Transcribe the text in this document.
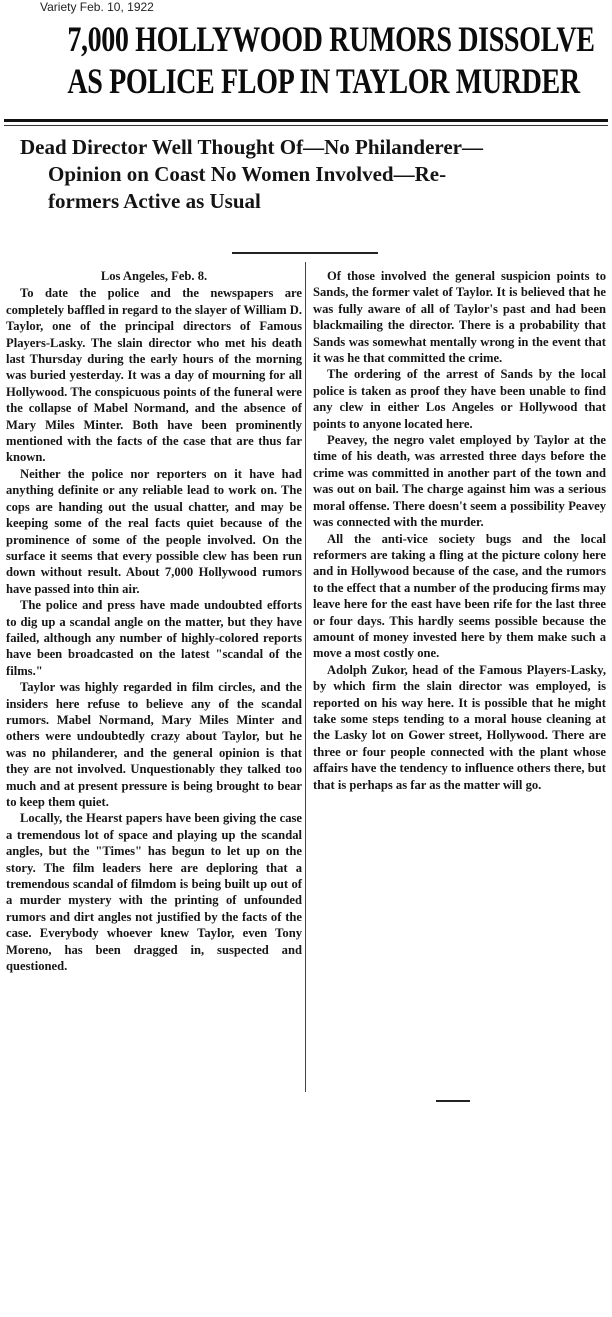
Variety Feb. 10, 1922
7,000 HOLLYWOOD RUMORS DISSOLVE
AS POLICE FLOP IN TAYLOR MURDER
Dead Director Well Thought Of—No Philanderer—
Opinion on Coast No Women Involved—Re-
formers Active as Usual
Los Angeles, Feb. 8.

To date the police and the newspapers are completely baffled in regard to the slayer of William D. Taylor, one of the principal directors of Famous Players-Lasky. The slain director who met his death last Thursday during the early hours of the morning was buried yesterday. It was a day of mourning for all Hollywood. The conspicuous points of the funeral were the collapse of Mabel Normand, and the absence of Mary Miles Minter. Both have been prominently mentioned with the facts of the case that are thus far known.

Neither the police nor reporters on it have had anything definite or any reliable lead to work on. The cops are handing out the usual chatter, and may be keeping some of the real facts quiet because of the prominence of some of the people involved. On the surface it seems that every possible clew has been run down without result. About 7,000 Hollywood rumors have passed into thin air.

The police and press have made undoubted efforts to dig up a scandal angle on the matter, but they have failed, although any number of highly-colored reports have been broadcasted on the latest "scandal of the films."

Taylor was highly regarded in film circles, and the insiders here refuse to believe any of the scandal rumors. Mabel Normand, Mary Miles Minter and others were undoubtedly crazy about Taylor, but he was no philanderer, and the general opinion is that they are not involved. Unquestionably they talked too much and at present pressure is being brought to bear to keep them quiet.

Locally, the Hearst papers have been giving the case a tremendous lot of space and playing up the scandal angles, but the "Times" has begun to let up on the story. The film leaders here are deploring that a tremendous scandal of filmdom is being built up out of a murder mystery with the printing of unfounded rumors and dirt angles not justified by the facts of the case. Everybody whoever knew Taylor, even Tony Moreno, has been dragged in, suspected and questioned.

Of those involved the general suspicion points to Sands, the former valet of Taylor. It is believed that he was fully aware of all of Taylor's past and had been blackmailing the director. There is a probability that Sands was somewhat mentally wrong in the event that it was he that committed the crime.

The ordering of the arrest of Sands by the local police is taken as proof they have been unable to find any clew in either Los Angeles or Hollywood that points to anyone located here.

Peavey, the negro valet employed by Taylor at the time of his death, was arrested three days before the crime was committed in another part of the town and was out on bail. The charge against him was a serious moral offense. There doesn't seem a possibility Peavey was connected with the murder.

All the anti-vice society bugs and the local reformers are taking a fling at the picture colony here and in Hollywood because of the case, and the rumors to the effect that a number of the producing firms may leave here for the east have been rife for the last three or four days. This hardly seems possible because the amount of money invested here by them make such a move a most costly one.

Adolph Zukor, head of the Famous Players-Lasky, by which firm the slain director was employed, is reported on his way here. It is possible that he might take some steps tending to a moral house cleaning at the Lasky lot on Gower street, Hollywood. There are three or four people connected with the plant whose affairs have the tendency to influence others there, but that is perhaps as far as the matter will go.
